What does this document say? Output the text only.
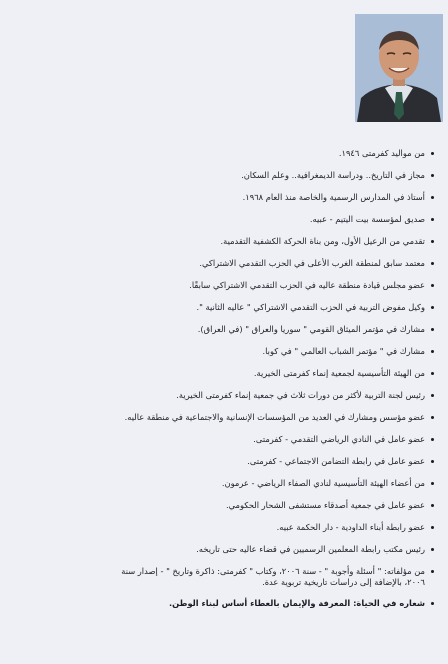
من مواليد كفرمتى ١٩٤٦.
مجاز في التاريخ.. ودراسة الديمغرافية.. وعلم السكان.
أستاذ في المدارس الرسمية والخاصة منذ العام ١٩٦٨.
صديق لمؤسسة بيت اليتيم - عبيه.
تقدمي من الرعيل الأول، ومن بناة الحركة الكشفية التقدمية.
معتمد سابق لمنطقة الغرب الأعلى في الحزب التقدمي الاشتراكي.
عضو مجلس قيادة منطقة عاليه في الحزب التقدمي الاشتراكي سابقًا.
وكيل مفوض التربية في الحزب التقدمي الاشتراكي " عاليه الثانية ".
مشارك في مؤتمر الميثاق القومي " سوريا والعراق " (في العراق).
مشارك في " مؤتمر الشباب العالمي " في كوبا.
من الهيئة التأسيسية لجمعية إنماء كفرمتى الخيرية.
رئيس لجنة التربية لأكثر من دورات ثلاث في جمعية إنماء كفرمتى الخيرية.
عضو مؤسس ومشارك في العديد من المؤسسات الإنسانية والاجتماعية في منطقة عاليه.
عضو عامل في النادي الرياضي التقدمي - كفرمتى.
عضو عامل في رابطة التضامن الاجتماعي - كفرمتى.
من أعضاء الهيئة التأسيسية لنادي الصفاء الرياضي - عرمون.
عضو عامل في جمعية أصدقاء مستشفى الشحار الحكومي.
عضو رابطة أبناء الداودية - دار الحكمة عبيه.
رئيس مكتب رابطة المعلمين الرسميين في قضاء عاليه حتى تاريخه.
من مؤلفاته: " أسئلة وأجوبة " - سنة ٢٠٠٦، وكتاب " كفرمتى: ذاكرة وتاريخ " - إصدار سنة ٢٠٠٦، بالإضافة إلى دراسات تاريخية تربوية عدة.
شعاره في الحياة: المعرفة والإيمان بالعطاء أساس لبناء الوطن.
